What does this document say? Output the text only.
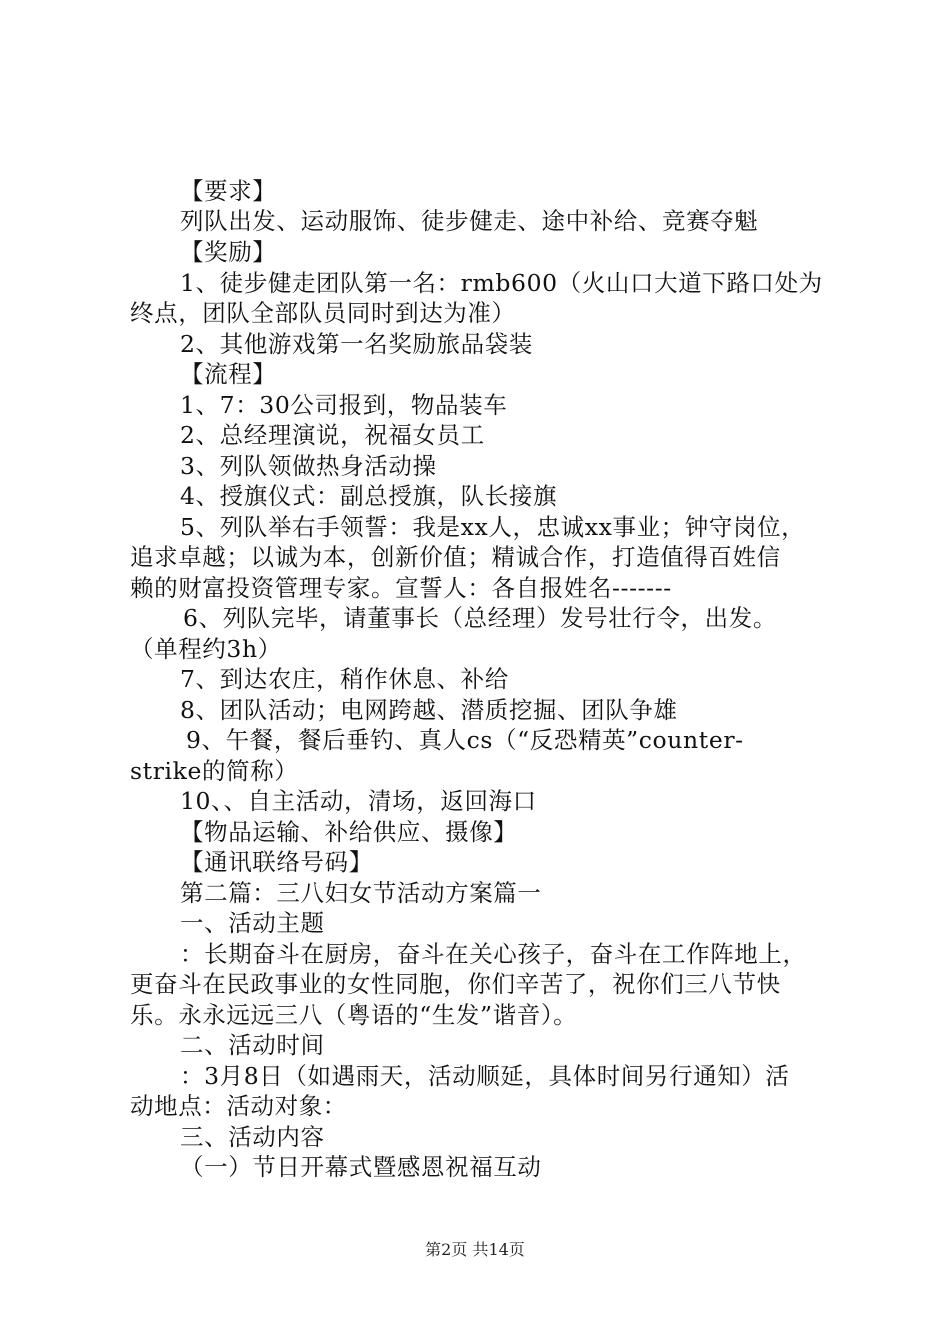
【要求】
列队出发、运动服饰、徒步健走、途中补给、竞赛夺魁
【奖励】
1、徒步健走团队第一名：rmb600（火山口大道下路口处为
终点，团队全部队员同时到达为准）
2、其他游戏第一名奖励旅品袋装
【流程】
1、7：30公司报到，物品装车
2、总经理演说，祝福女员工
3、列队领做热身活动操
4、授旗仪式：副总授旗，队长接旗
5、列队举右手领誓：我是xx人，忠诚xx事业；钟守岗位，
追求卓越；以诚为本，创新价值；精诚合作，打造值得百姓信
赖的财富投资管理专家。宣誓人：各自报姓名-------
6、列队完毕，请董事长（总经理）发号壮行令，出发。
（单程约3h）
7、到达农庄，稍作休息、补给
8、团队活动；电网跨越、潜质挖掘、团队争雄
9、午餐，餐后垂钓、真人cs（“反恐精英”counter-
strike的简称）
10、、自主活动，清场，返回海口
【物品运输、补给供应、摄像】
【通讯联络号码】
第二篇：三八妇女节活动方案篇一
一、活动主题
：长期奋斗在厨房，奋斗在关心孩子，奋斗在工作阵地上，
更奋斗在民政事业的女性同胞，你们辛苦了，祝你们三八节快
乐。永永远远三八（粤语的“生发”谐音）。
二、活动时间
：3月8日（如遇雨天，活动顺延，具体时间另行通知）活
动地点：活动对象：
三、活动内容
（一）节日开幕式暨感恩祝福互动
第2页 共14页
